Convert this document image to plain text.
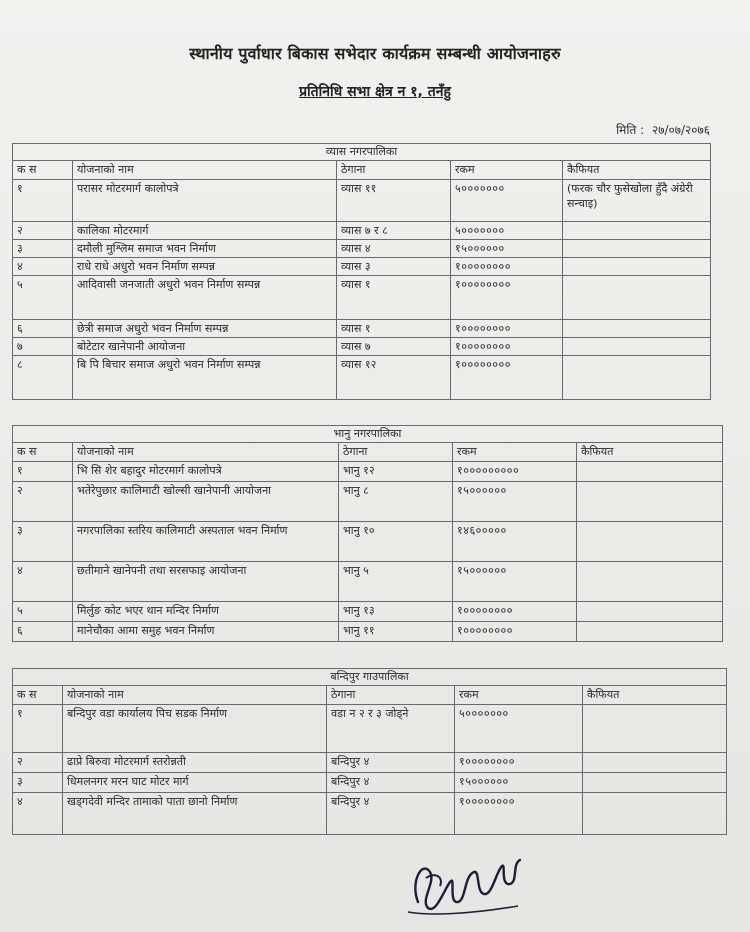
स्थानीय पुर्वाधार बिकास सभेदार कार्यक्रम सम्बन्धी आयोजनाहरु
प्रतिनिधि सभा क्षेत्र न १, तनँहु
मिति : २७/०७/२०७६
व्यास नगरपालिका				
क स	योजनाको नाम	ठेगाना	रकम	कैफियत
१	परासर मोटरमार्ग कालोपत्रे	व्यास ११	५०००००००	(फरक चौर फुसेखोला हुँदै अंग्रेरी सन्चाइ)
२	कालिका मोटरमार्ग	व्यास ७ र ८	५०००००००	
३	दमौली मुश्लिम समाज भवन निर्माण	व्यास ४	१५००००००	
४	राधे राधे अधुरो भवन निर्माण सम्पन्न	व्यास ३	१००००००००	
५	आदिवासी जनजाती अधुरो भवन निर्माण सम्पन्न	व्यास १	१००००००००	
६	छेत्री समाज अधुरो भवन निर्माण सम्पन्न	व्यास १	१००००००००	
७	बोटेटार खानेपानी आयोजना	व्यास ७	१००००००००	
८	बि पि बिचार समाज अधुरो भवन निर्माण सम्पन्न	व्यास १२	१००००००००	
भानु नगरपालिका				
क स	योजनाको नाम	ठेगाना	रकम	कैफियत
१	भि सि शेर बहादुर मोटरमार्ग कालोपत्रे	भानु १२	१०००००००००	
२	भतेरेपुछार कालिमाटी खोल्सी खानेपानी आयोजना	भानु ८	१५००००००	
३	नगरपालिका स्तरिय कालिमाटी अस्पताल भवन निर्माण	भानु १०	१४६०००००	
४	छतीमाने खानेपनी तथा सरसफाइ आयोजना	भानु ५	१५००००००	
५	मिर्लुङ कोट भएर थान मन्दिर निर्माण	भानु १३	१००००००००	
६	मानेचौका आमा समुह भवन निर्माण	भानु ११	१००००००००	
बन्दिपुर गाउपालिका				
क स	योजनाको नाम	ठेगाना	रकम	कैफियत
१	बन्दिपुर वडा कार्यालय पिच सडक निर्माण	वडा न २ र ३ जोड्ने	५०००००००	
२	ढाप्रे बिरुवा मोटरमार्ग स्तरोन्नती	बन्दिपुर ४	१००००००००	
३	धिमलनगर मरन घाट मोटर मार्ग	बन्दिपुर ४	१५००००००	
४	खड्गदेवी मन्दिर तामाको पाता छानो निर्माण	बन्दिपुर ४	१००००००००	
